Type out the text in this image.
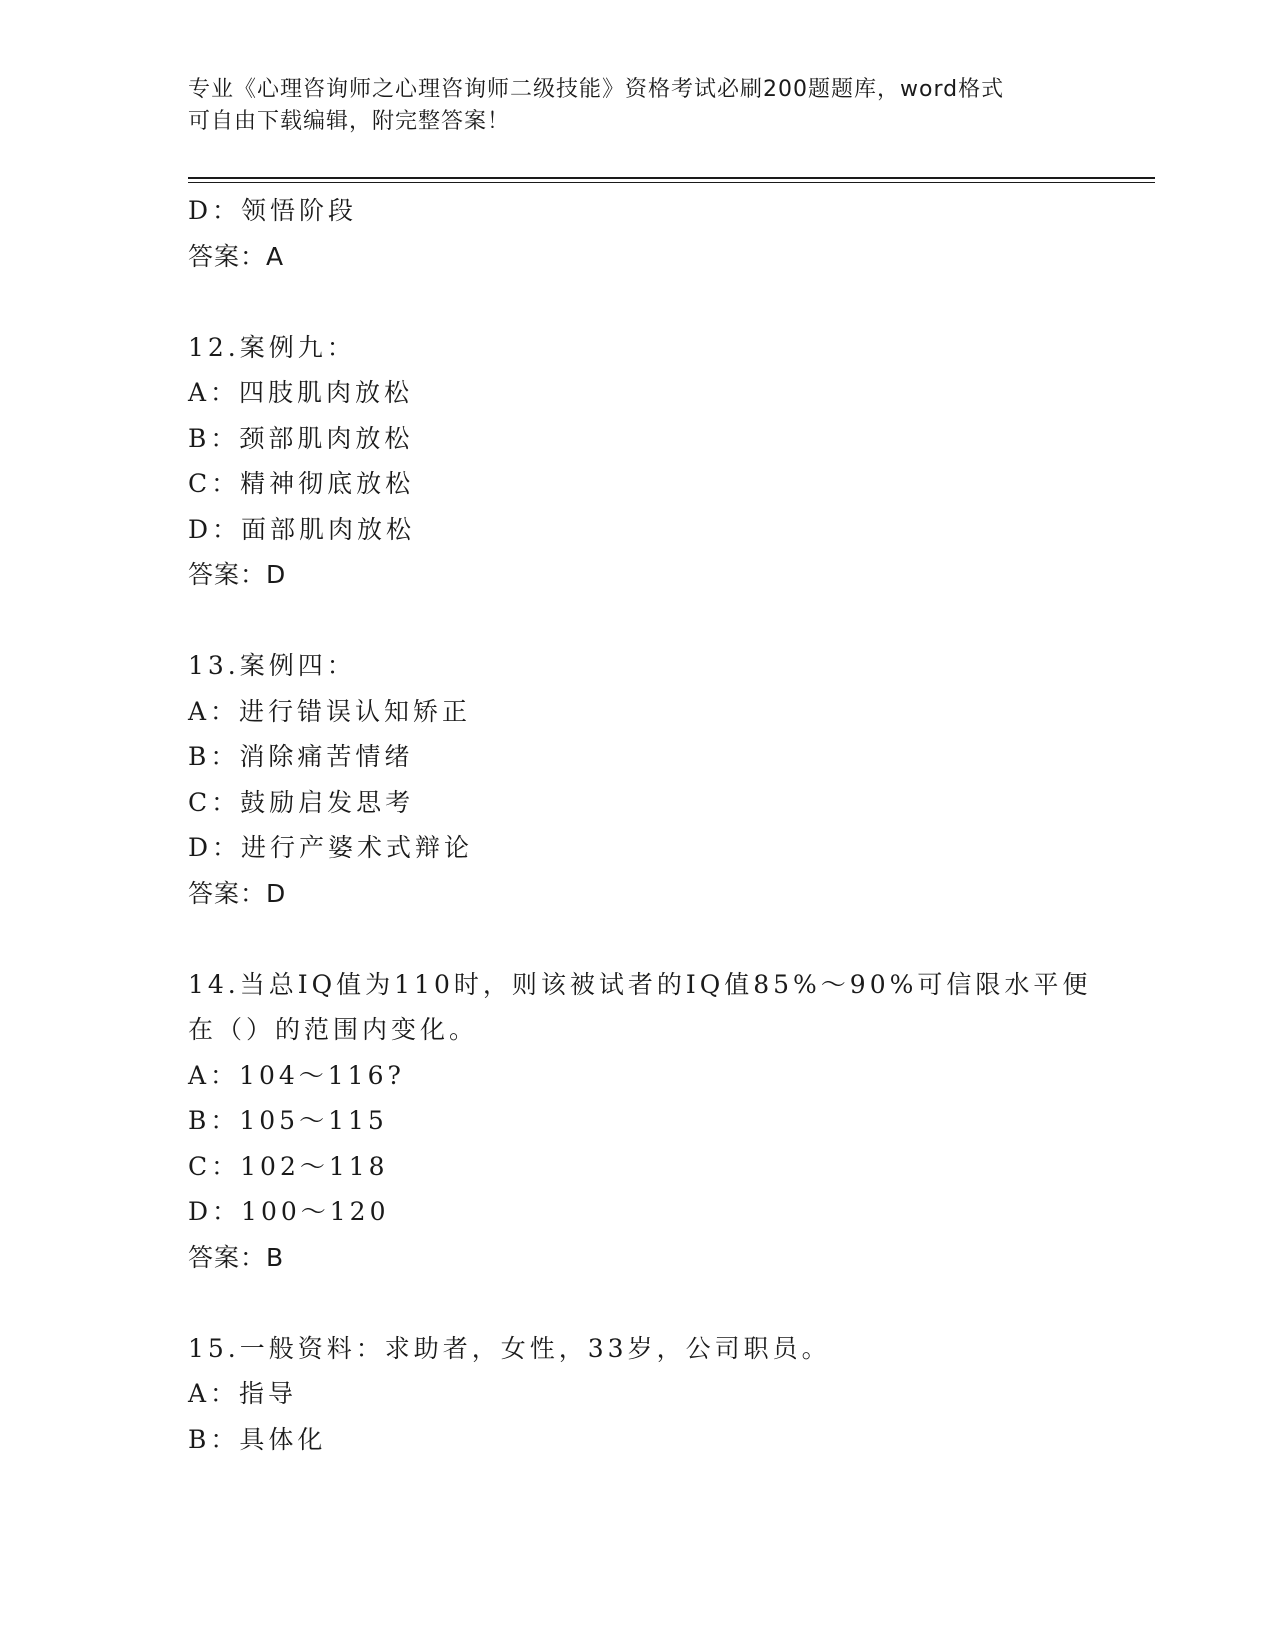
专业《心理咨询师之心理咨询师二级技能》资格考试必刷200题题库，word格式
可自由下载编辑，附完整答案！
D：领悟阶段
答案：A
12.案例九：
A：四肢肌肉放松
B：颈部肌肉放松
C：精神彻底放松
D：面部肌肉放松
答案：D
13.案例四：
A：进行错误认知矫正
B：消除痛苦情绪
C：鼓励启发思考
D：进行产婆术式辩论
答案：D
14.当总IQ值为110时，则该被试者的IQ值85%～90%可信限水平便
在（）的范围内变化。
A：104～116?
B：105～115
C：102～118
D：100～120
答案：B
15.一般资料：求助者，女性，33岁，公司职员。
A：指导
B：具体化
